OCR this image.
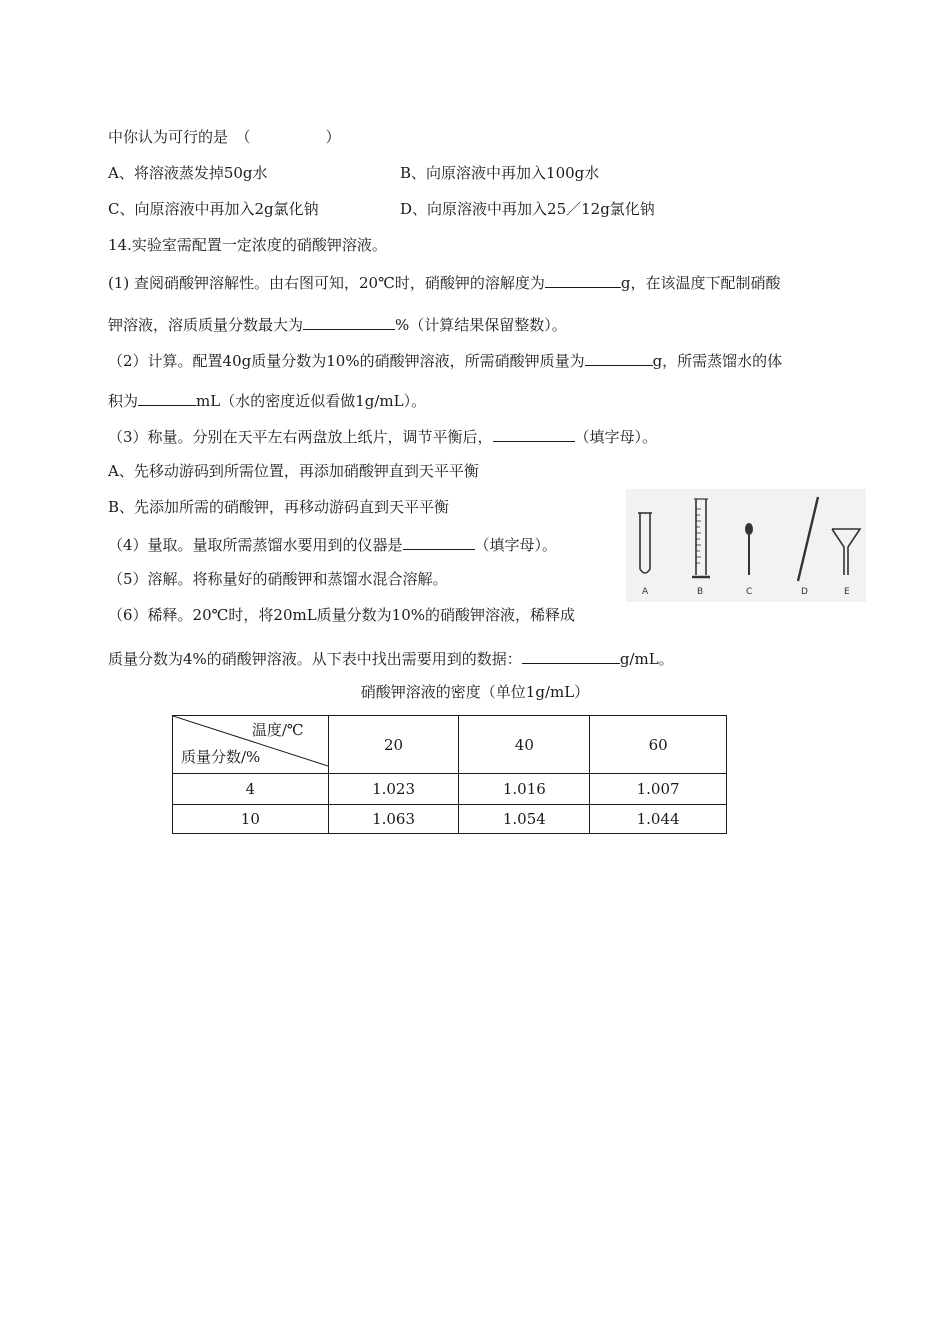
中你认为可行的是　（　　　　　）
A、将溶液蒸发掉50g水	B、向原溶液中再加入100g水
C、向原溶液中再加入2g氯化钠	D、向原溶液中再加入25／12g氯化钠
14.实验室需配置一定浓度的硝酸钾溶液。
(1) 查阅硝酸钾溶解性。由右图可知，20℃时，硝酸钾的溶解度为	g，在该温度下配制硝酸
钾溶液，溶质质量分数最大为	%（计算结果保留整数）。
（2）计算。配置40g质量分数为10%的硝酸钾溶液，所需硝酸钾质量为	g，所需蒸馏水的体
积为	mL（水的密度近似看做1g/mL）。
（3）称量。分别在天平左右两盘放上纸片，调节平衡后，	（填字母）。
A、先移动游码到所需位置，再添加硝酸钾直到天平平衡
B、先添加所需的硝酸钾，再移动游码直到天平平衡
（4）量取。量取所需蒸馏水要用到的仪器是	（填字母）。
（5）溶解。将称量好的硝酸钾和蒸馏水混合溶解。
（6）稀释。20℃时，将20mL质量分数为10%的硝酸钾溶液，稀释成
质量分数为4%的硝酸钾溶液。从下表中找出需要用到的数据：	g/mL。
A	B	C	D	E
硝酸钾溶液的密度（单位1g/mL）
温度/℃
质量分数/%	20	40	60
4	1.023	1.016	1.007
10	1.063	1.054	1.044
